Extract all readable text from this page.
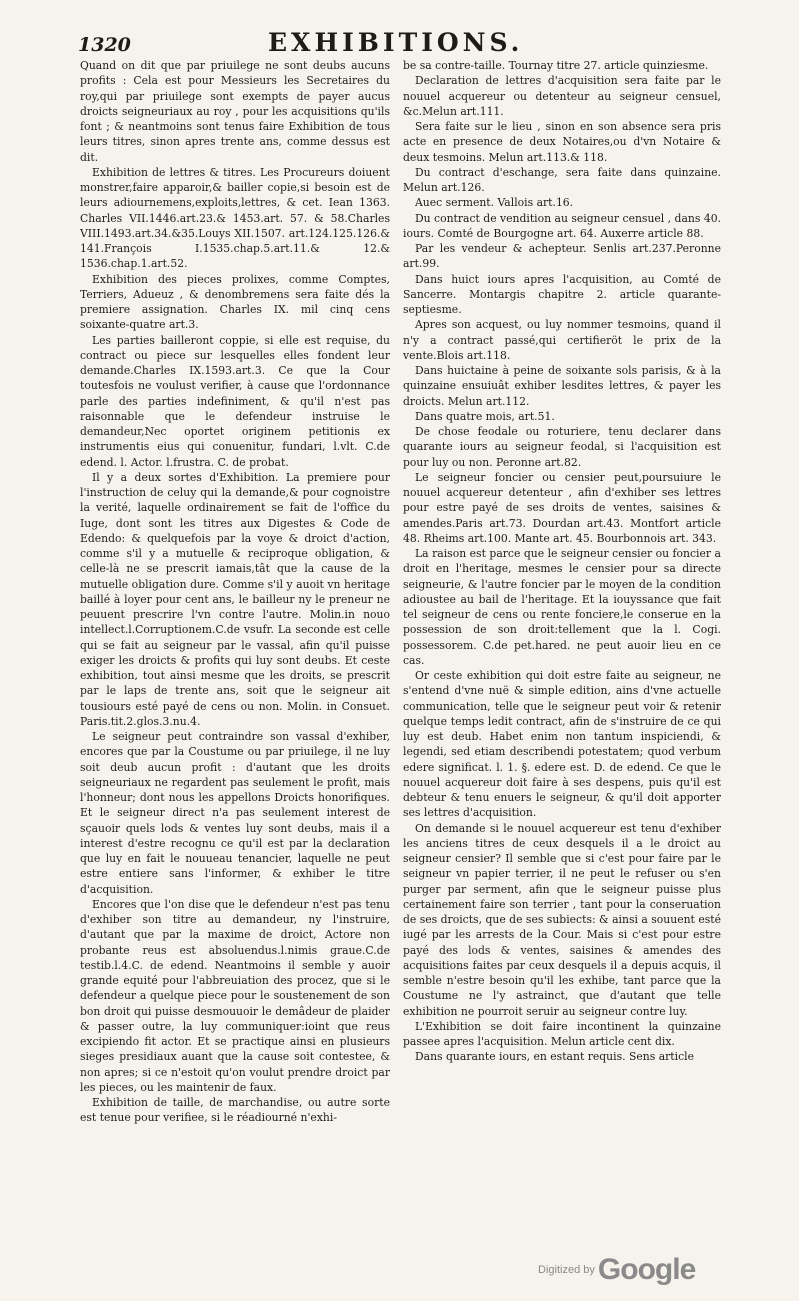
1320	EXHIBITIONS.

Quand on dit que par priuilege ne sont deubs aucuns profits : Cela est pour Messieurs les Secretaires du roy,qui par priuilege sont exempts de payer aucus droicts seigneuriaux au roy , pour les acquisitions qu'ils font ; & neantmoins sont tenus faire Exhibition de tous leurs titres, sinon apres trente ans, comme dessus est dit.

Exhibition de lettres & titres. Les Procureurs doiuent monstrer,faire apparoir,& bailler copie,si besoin est de leurs adiournemens,exploits,lettres, & cet. Iean 1363. Charles VII.1446.art.23.& 1453.art. 57. & 58.Charles VIII.1493.art.34.&35.Louys XII.1507. art.124.125.126.& 141.François I.1535.chap.5.art.11.& 12.& 1536.chap.1.art.52.

Exhibition des pieces prolixes, comme Comptes, Terriers, Adueuz , & denombremens sera faite dés la premiere assignation. Charles IX. mil cinq cens soixante-quatre art.3.

Les parties bailleront coppie, si elle est requise, du contract ou piece sur lesquelles elles fondent leur demande.Charles IX.1593.art.3. Ce que la Cour toutesfois ne voulust verifier, à cause que l'ordonnance parle des parties indefiniment, & qu'il n'est pas raisonnable que le defendeur instruise le demandeur,Nec oportet originem petitionis ex instrumentis eius qui conuenitur, fundari, l.vlt. C.de edend. l. Actor. l.frustra. C. de probat.

Il y a deux sortes d'Exhibition. La premiere pour l'instruction de celuy qui la demande,& pour cognoistre la verité, laquelle ordinairement se fait de l'office du Iuge, dont sont les titres aux Digestes & Code de Edendo: & quelquefois par la voye & droict d'action, comme s'il y a mutuelle & reciproque obligation, & celle-là ne se prescrit iamais,tât que la cause de la mutuelle obligation dure. Comme s'il y auoit vn heritage baillé à loyer pour cent ans, le bailleur ny le preneur ne peuuent prescrire l'vn contre l'autre. Molin.in nouo intellect.l.Corruptionem.C.de vsufr. La seconde est celle qui se fait au seigneur par le vassal, afin qu'il puisse exiger les droicts & profits qui luy sont deubs. Et ceste exhibition, tout ainsi mesme que les droits, se prescrit par le laps de trente ans, soit que le seigneur ait tousiours esté payé de cens ou non. Molin. in Consuet. Paris.tit.2.glos.3.nu.4.

Le seigneur peut contraindre son vassal d'exhiber, encores que par la Coustume ou par priuilege, il ne luy soit deub aucun profit : d'autant que les droits seigneuriaux ne regardent pas seulement le profit, mais l'honneur; dont nous les appellons Droicts honorifiques. Et le seigneur direct n'a pas seulement interest de sçauoir quels lods & ventes luy sont deubs, mais il a interest d'estre recognu ce qu'il est par la declaration que luy en fait le nouueau tenancier, laquelle ne peut estre entiere sans l'informer, & exhiber le titre d'acquisition.

Encores que l'on dise que le defendeur n'est pas tenu d'exhiber son titre au demandeur, ny l'instruire, d'autant que par la maxime de droict, Actore non probante reus est absoluendus.l.nimis graue.C.de testib.l.4.C. de edend. Neantmoins il semble y auoir grande equité pour l'abbreuiation des procez, que si le defendeur a quelque piece pour le soustenement de son bon droit qui puisse desmouuoir le demâdeur de plaider & passer outre, la luy communiquer:ioint que reus excipiendo fit actor. Et se practique ainsi en plusieurs sieges presidiaux auant que la cause soit contestee, & non apres; si ce n'estoit qu'on voulut prendre droict par les pieces, ou les maintenir de faux.

Exhibition de taille, de marchandise, ou autre sorte est tenue pour verifiee, si le réadiourné n'exhi-

be sa contre-taille. Tournay titre 27. article quinziesme.

Declaration de lettres d'acquisition sera faite par le nouuel acquereur ou detenteur au seigneur censuel, &c.Melun art.111.

Sera faite sur le lieu , sinon en son absence sera pris acte en presence de deux Notaires,ou d'vn Notaire & deux tesmoins. Melun art.113.& 118.

Du contract d'eschange, sera faite dans quinzaine. Melun art.126.

Auec serment. Vallois art.16.

Du contract de vendition au seigneur censuel , dans 40. iours. Comté de Bourgogne art. 64. Auxerre article 88.

Par les vendeur & achepteur. Senlis art.237.Peronne art.99.

Dans huict iours apres l'acquisition, au Comté de Sancerre. Montargis chapitre 2. article quarante-septiesme.

Apres son acquest, ou luy nommer tesmoins, quand il n'y a contract passé,qui certifieröt le prix de la vente.Blois art.118.

Dans huictaine à peine de soixante sols parisis, & à la quinzaine ensuiuât exhiber lesdites lettres, & payer les droicts. Melun art.112.

Dans quatre mois, art.51.

De chose feodale ou roturiere, tenu declarer dans quarante iours au seigneur feodal, si l'acquisition est pour luy ou non. Peronne art.82.

Le seigneur foncier ou censier peut,poursuiure le nouuel acquereur detenteur , afin d'exhiber ses lettres pour estre payé de ses droits de ventes, saisines & amendes.Paris art.73. Dourdan art.43. Montfort article 48. Rheims art.100. Mante art. 45. Bourbonnois art. 343.

La raison est parce que le seigneur censier ou foncier a droit en l'heritage, mesmes le censier pour sa directe seigneurie, & l'autre foncier par le moyen de la condition adioustee au bail de l'heritage. Et la iouyssance que fait tel seigneur de cens ou rente fonciere,le conserue en la possession de son droit:tellement que la l. Cogi. possessorem. C.de pet.hared. ne peut auoir lieu en ce cas.

Or ceste exhibition qui doit estre faite au seigneur, ne s'entend d'vne nuë & simple edition, ains d'vne actuelle communication, telle que le seigneur peut voir & retenir quelque temps ledit contract, afin de s'instruire de ce qui luy est deub. Habet enim non tantum inspiciendi, & legendi, sed etiam describendi potestatem; quod verbum edere significat. l. 1. §. edere est. D. de edend. Ce que le nouuel acquereur doit faire à ses despens, puis qu'il est debteur & tenu enuers le seigneur, & qu'il doit apporter ses lettres d'acquisition.

On demande si le nouuel acquereur est tenu d'exhiber les anciens titres de ceux desquels il a le droict au seigneur censier? Il semble que si c'est pour faire par le seigneur vn papier terrier, il ne peut le refuser ou s'en purger par serment, afin que le seigneur puisse plus certainement faire son terrier , tant pour la conseruation de ses droicts, que de ses subiects: & ainsi a souuent esté iugé par les arrests de la Cour. Mais si c'est pour estre payé des lods & ventes, saisines & amendes des acquisitions faites par ceux desquels il a depuis acquis, il semble n'estre besoin qu'il les exhibe, tant parce que la Coustume ne l'y astrainct, que d'autant que telle exhibition ne pourroit seruir au seigneur contre luy.

L'Exhibition se doit faire incontinent la quinzaine passee apres l'acquisition. Melun article cent dix.

Dans quarante iours, en estant requis. Sens article

Digitized by Google
